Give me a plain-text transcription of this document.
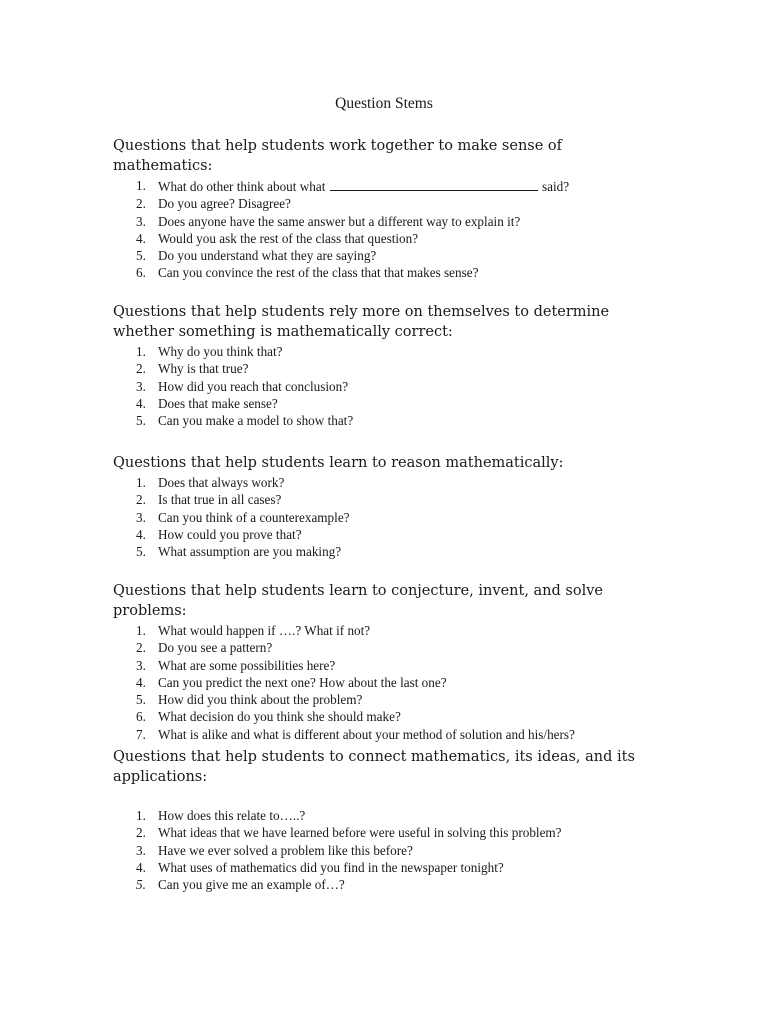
Question Stems
Questions that help students work together to make sense of
mathematics:
1. What do other think about what	said?
2. Do you agree? Disagree?
3. Does anyone have the same answer but a different way to explain it?
4. Would you ask the rest of the class that question?
5. Do you understand what they are saying?
6. Can you convince the rest of the class that that makes sense?
Questions that help students rely more on themselves to determine
whether something is mathematically correct:
1. Why do you think that?
2. Why is that true?
3. How did you reach that conclusion?
4. Does that make sense?
5. Can you make a model to show that?
Questions that help students learn to reason mathematically:
1. Does that always work?
2. Is that true in all cases?
3. Can you think of a counterexample?
4. How could you prove that?
5. What assumption are you making?
Questions that help students learn to conjecture, invent, and solve
problems:
1. What would happen if ….? What if not?
2. Do you see a pattern?
3. What are some possibilities here?
4. Can you predict the next one? How about the last one?
5. How did you think about the problem?
6. What decision do you think she should make?
7. What is alike and what is different about your method of solution and his/hers?
Questions that help students to connect mathematics, its ideas, and its
applications:
1. How does this relate to…..?
2. What ideas that we have learned before were useful in solving this problem?
3. Have we ever solved a problem like this before?
4. What uses of mathematics did you find in the newspaper tonight?
5. Can you give me an example of…?
